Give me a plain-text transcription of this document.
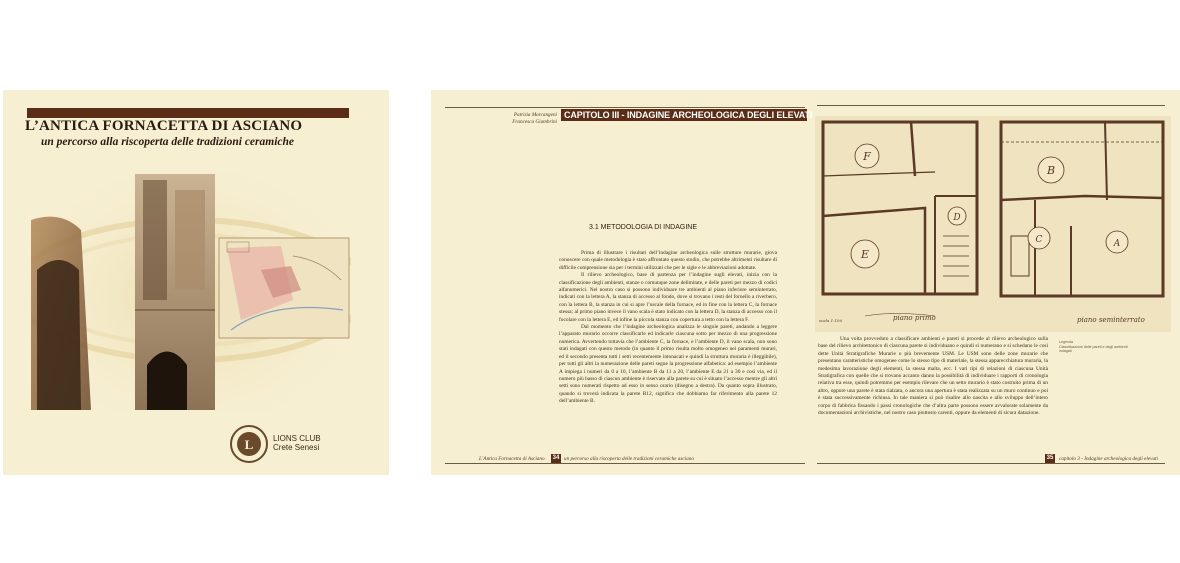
L’ANTICA FORNACETTA DI ASCIANO
un percorso alla riscoperta delle tradizioni ceramiche
L LIONS CLUB
Crete Senesi
Patrizia Marcangeni
Francesca Giambrini
CAPITOLO III - INDAGINE ARCHEOLOGICA DEGLI ELEVATI
3.1 METODOLOGIA DI INDAGINE

Prima di illustrare i risultati dell’indagine archeologica sulle strutture murarie, giova conoscere con quale metodologia è stato affrontato questo studio, che potrebbe altrimenti risultare di difficile comprensione sia per i termini utilizzati che per le sigle e le abbreviazioni adottate.

Il rilievo archeologico, base di partenza per l’indagine sugli elevati, inizia con la classificazione degli ambienti, stanze o comunque zone delimitate, e delle pareti per mezzo di codici alfanumerici. Nel nostro caso si possono individuare tre ambienti al piano inferiore seminterrato, indicati con la lettera A, la stanza di accesso al fondo, dove si trovano i resti del fornello a riverbero, con la lettera B, la stanza in cui si apre l’uscale della fornace, ed in fine con la lettera C, la fornace stessa; al primo piano invece il vano scala è stato indicato con la lettera D, la stanza di accesso con il focolare con la lettera E, ed infine la piccola stanza con copertura a tetto con la lettera F.

Dal momento che l’indagine archeologica analizza le singole pareti, andando a leggere l’apparato murario occorre classificarle ed indicarle ciascuna sotto per mezzo di una progressione numerica. Avvertendo tuttavia che l’ambiente C, la fornace, e l’ambiente D, il vano scala, non sono stati indagati con questo metodo (in quanto il primo risulta molto omogeneo nei paramenti murari, ed il secondo presenta tutti i setti recentemente intonacati e quindi la struttura muraria è illeggibile), per tutti gli altri la numerazione delle pareti segue la progressione alfabetica: ad esempio l’ambiente A impiega i numeri da 0 a 10, l’ambiente B da 11 a 20, l’ambiente E da 21 a 30 e così via, ed il numero più basso di ciascun ambiente è riservato alla parete su cui è situato l’accesso mentre gli altri setti sono numerati rispetto ad esso in senso orario (disegno a destra). Da quanto sopra illustrato, quando si troverà indicata la parete B12, significa che dobbiamo far riferimento alla parete 12 dell’ambiente B.

F
E
D
B
C	A
piano primo	piano seminterrato
scala 1:100
Legenda
Classificazione delle pareti e degli ambienti indagati

Una volta provveduto a classificare ambienti e pareti si procede al rilievo archeologico sulla base del rilievo architettonico di ciascuna parete si individuano e quindi si numerano e si schedano le così dette Unità Stratigrafiche Murarie o più brevemente USM. Le USM sono delle zone murarie che presentano caratteristiche omogenee come lo stesso tipo di materiale, la stessa apparecchiatura muraria, la medesima lavorazione degli elementi, la stessa malta, ecc. I vari tipi di relazioni di ciascuna Unità Stratigrafica con quelle che si trovano accanto danno la possibilità di individuare i rapporti di cronologia relativa tra esse, quindi potremmo per esempio rilevare che un setto murario è stato costruito prima di un altro, oppure una parete è stata rialzata, o ancora una apertura è stata realizzata su un muro continuo e poi è stata successivamente richiusa. In tale maniera si può risalire allo nascita e allo sviluppo dell’intero corpo di fabbrica fissando i passi cronologiche che d’altra parte possono essere avvalorate solamente da documentazioni archivistiche, nel nostro caso piuttosto carenti, oppure da elementi di sicura datazione.

L’Antica Fornacetta di Asciano 34 un percorso alla riscoperta delle tradizioni ceramiche asciano	35	capitolo 3 - Indagine archeologica degli elevati
